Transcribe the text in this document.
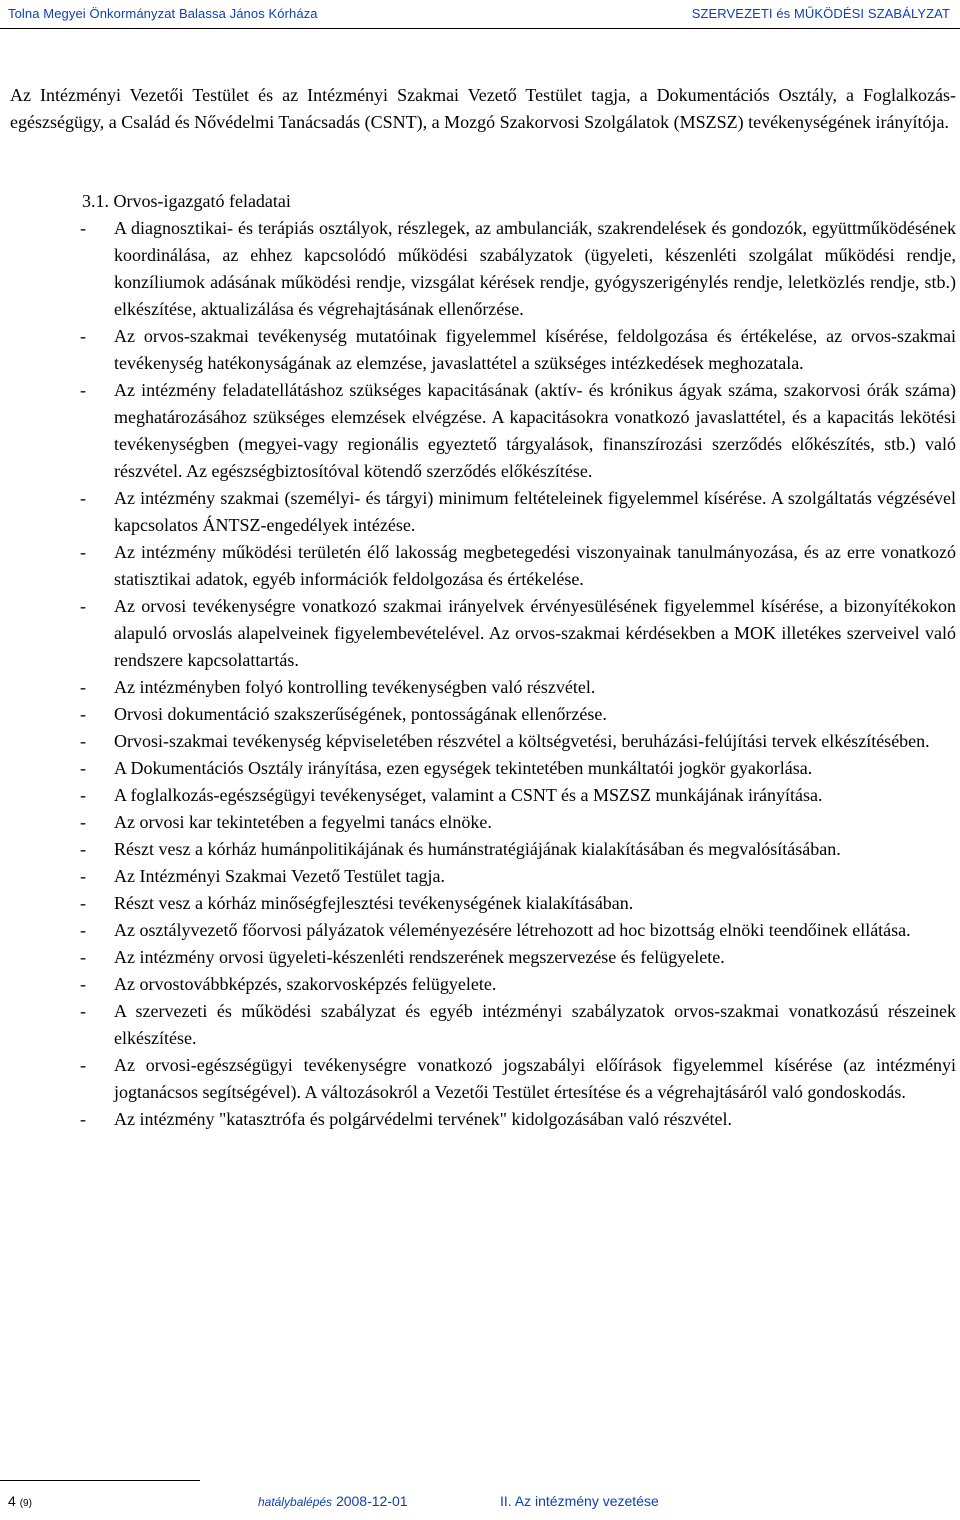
Tolna Megyei Önkormányzat Balassa János Kórháza	SZERVEZETI és MŰKÖDÉSI SZABÁLYZAT

Az Intézményi Vezetői Testület és az Intézményi Szakmai Vezető Testület tagja, a Dokumentációs Osztály, a Foglalkozás-egészségügy, a Család és Nővédelmi Tanácsadás (CSNT), a Mozgó Szakorvosi Szolgálatok (MSZSZ) tevékenységének irányítója.

3.1. Orvos-igazgató feladatai
- A diagnosztikai- és terápiás osztályok, részlegek, az ambulanciák, szakrendelések és gondozók, együttműködésének koordinálása, az ehhez kapcsolódó működési szabályzatok (ügyeleti, készenléti szolgálat működési rendje, konzíliumok adásának működési rendje, vizsgálat kérések rendje, gyógyszerigénylés rendje, leletközlés rendje, stb.) elkészítése, aktualizálása és végrehajtásának ellenőrzése.
- Az orvos-szakmai tevékenység mutatóinak figyelemmel kísérése, feldolgozása és értékelése, az orvos-szakmai tevékenység hatékonyságának az elemzése, javaslattétel a szükséges intézkedések meghozatala.
- Az intézmény feladatellátáshoz szükséges kapacitásának (aktív- és krónikus ágyak száma, szakorvosi órák száma) meghatározásához szükséges elemzések elvégzése. A kapacitásokra vonatkozó javaslattétel, és a kapacitás lekötési tevékenységben (megyei-vagy regionális egyeztető tárgyalások, finanszírozási szerződés előkészítés, stb.) való részvétel. Az egészségbiztosítóval kötendő szerződés előkészítése.
- Az intézmény szakmai (személyi- és tárgyi) minimum feltételeinek figyelemmel kísérése. A szolgáltatás végzésével kapcsolatos ÁNTSZ-engedélyek intézése.
- Az intézmény működési területén élő lakosság megbetegedési viszonyainak tanulmányozása, és az erre vonatkozó statisztikai adatok, egyéb információk feldolgozása és értékelése.
- Az orvosi tevékenységre vonatkozó szakmai irányelvek érvényesülésének figyelemmel kísérése, a bizonyítékokon alapuló orvoslás alapelveinek figyelembevételével. Az orvos-szakmai kérdésekben a MOK illetékes szerveivel való rendszere kapcsolattartás.
- Az intézményben folyó kontrolling tevékenységben való részvétel.
- Orvosi dokumentáció szakszerűségének, pontosságának ellenőrzése.
- Orvosi-szakmai tevékenység képviseletében részvétel a költségvetési, beruházási-felújítási tervek elkészítésében.
- A Dokumentációs Osztály irányítása, ezen egységek tekintetében munkáltatói jogkör gyakorlása.
- A foglalkozás-egészségügyi tevékenységet, valamint a CSNT és a MSZSZ munkájának irányítása.
- Az orvosi kar tekintetében a fegyelmi tanács elnöke.
- Részt vesz a kórház humánpolitikájának és humánstratégiájának kialakításában és megvalósításában.
- Az Intézményi Szakmai Vezető Testület tagja.
- Részt vesz a kórház minőségfejlesztési tevékenységének kialakításában.
- Az osztályvezető főorvosi pályázatok véleményezésére létrehozott ad hoc bizottság elnöki teendőinek ellátása.
- Az intézmény orvosi ügyeleti-készenléti rendszerének megszervezése és felügyelete.
- Az orvostovábbképzés, szakorvosképzés felügyelete.
- A szervezeti és működési szabályzat és egyéb intézményi szabályzatok orvos-szakmai vonatkozású részeinek elkészítése.
- Az orvosi-egészségügyi tevékenységre vonatkozó jogszabályi előírások figyelemmel kísérése (az intézményi jogtanácsos segítségével). A változásokról a Vezetői Testület értesítése és a végrehajtásáról való gondoskodás.
- Az intézmény "katasztrófa és polgárvédelmi tervének" kidolgozásában való részvétel.
4 (9)	hatálybalépés 2008-12-01	II. Az intézmény vezetése
